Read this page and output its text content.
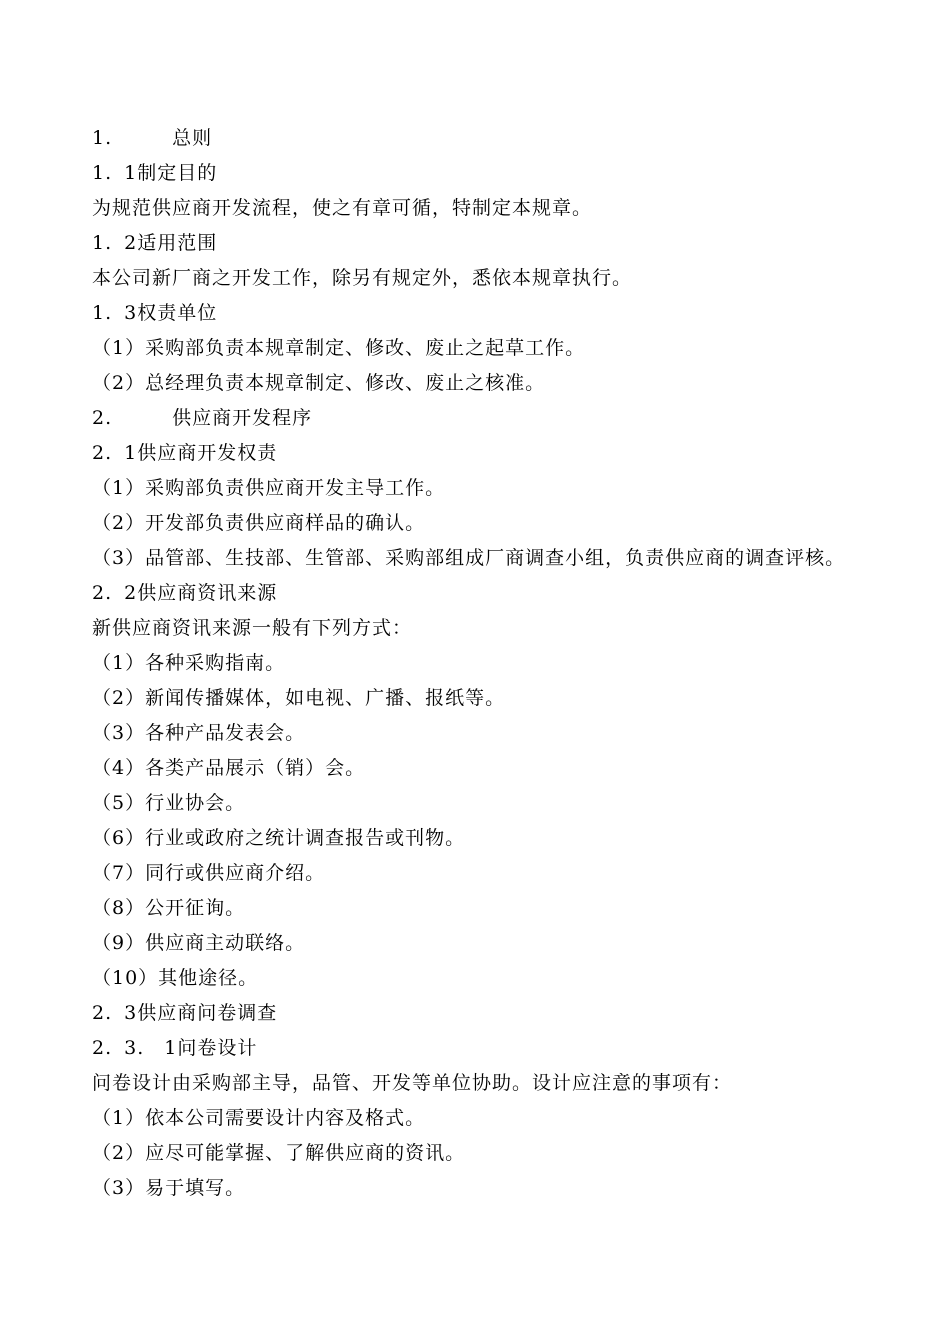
1.	总则
1. 1制定目的
为规范供应商开发流程，使之有章可循，特制定本规章。
1. 2适用范围
本公司新厂商之开发工作，除另有规定外，悉依本规章执行。
1. 3权责单位
（1）采购部负责本规章制定、修改、废止之起草工作。
（2）总经理负责本规章制定、修改、废止之核准。
2.	供应商开发程序
2. 1供应商开发权责
（1）采购部负责供应商开发主导工作。
（2）开发部负责供应商样品的确认。
（3）品管部、生技部、生管部、采购部组成厂商调查小组，负责供应商的调查评核。
2. 2供应商资讯来源
新供应商资讯来源一般有下列方式：
（1）各种采购指南。
（2）新闻传播媒体，如电视、广播、报纸等。
（3）各种产品发表会。
（4）各类产品展示（销）会。
（5）行业协会。
（6）行业或政府之统计调查报告或刊物。
（7）同行或供应商介绍。
（8）公开征询。
（9）供应商主动联络。
（10）其他途径。
2. 3供应商问卷调查
2. 3.　1问卷设计
问卷设计由采购部主导，品管、开发等单位协助。设计应注意的事项有：
（1）依本公司需要设计内容及格式。
（2）应尽可能掌握、了解供应商的资讯。
（3）易于填写。
